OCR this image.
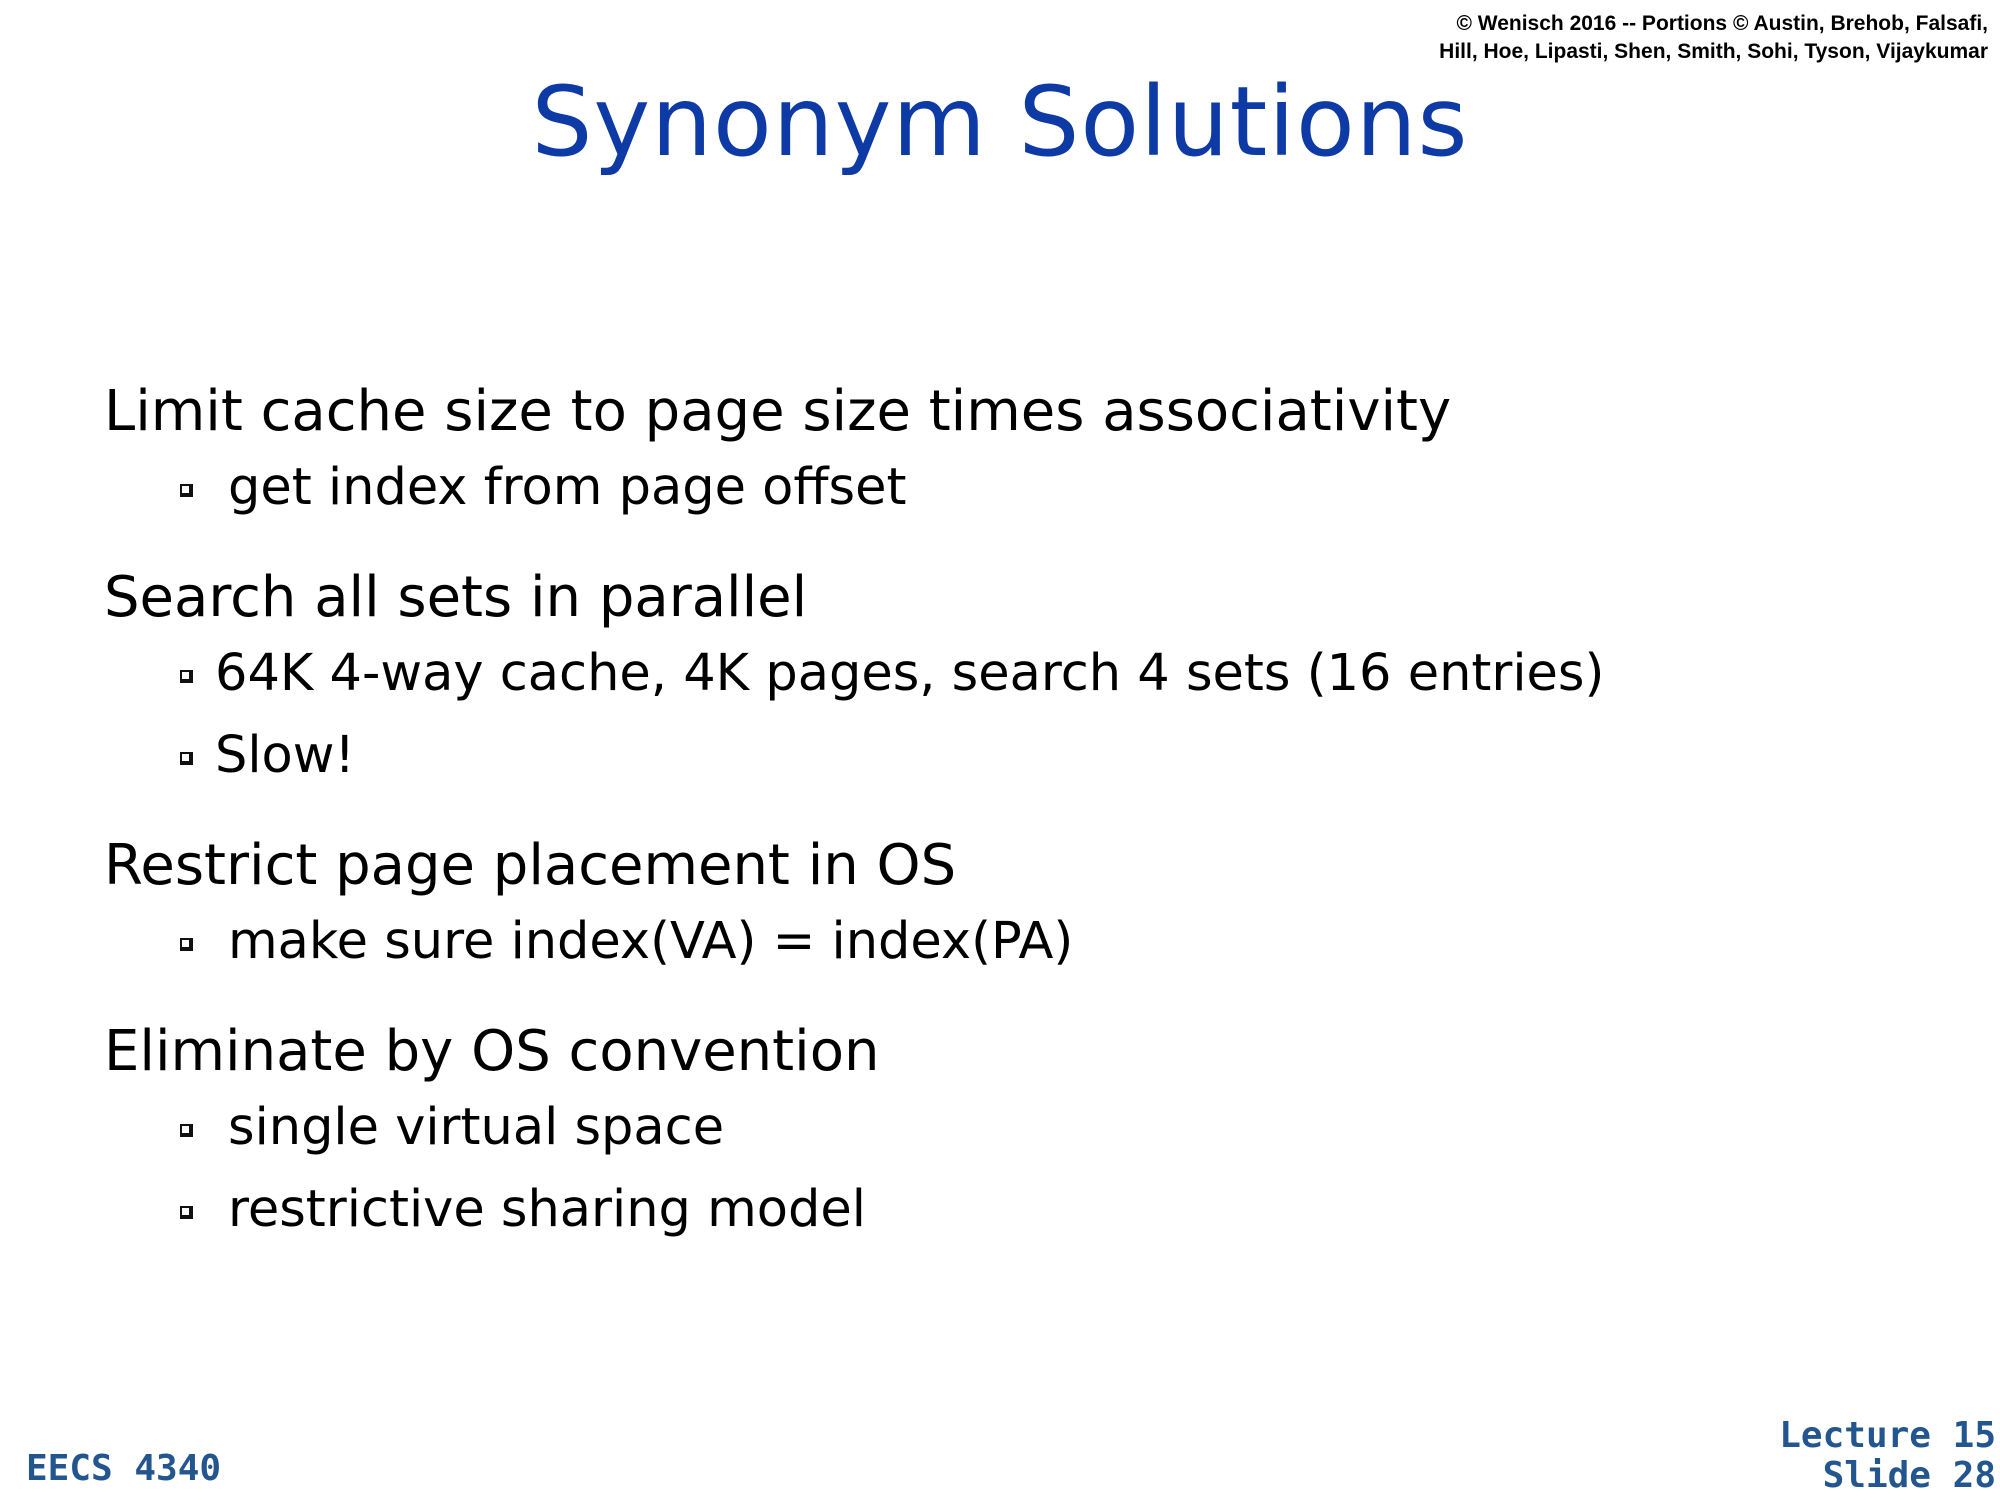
© Wenisch 2016 -- Portions © Austin, Brehob, Falsafi,
Hill, Hoe, Lipasti, Shen, Smith, Sohi, Tyson, Vijaykumar
Synonym Solutions
Limit cache size to page size times associativity
get index from page offset
Search all sets in parallel
64K 4-way cache, 4K pages, search 4 sets (16 entries)
Slow!
Restrict page placement in OS
make sure index(VA) = index(PA)
Eliminate by OS convention
single virtual space
restrictive sharing model
EECS 4340
Lecture 15
Slide 28
